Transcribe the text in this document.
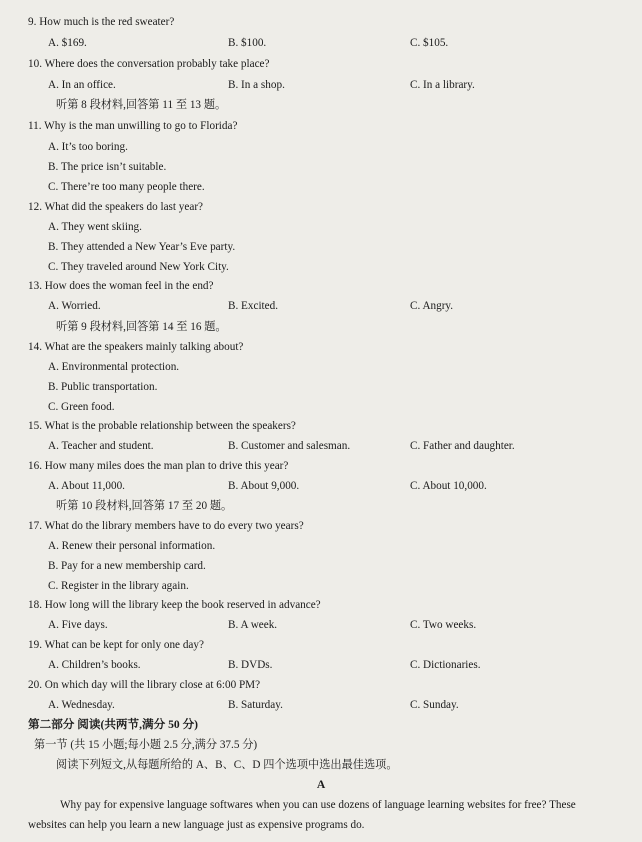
9. How much is the red sweater?
A. $169.	B. $100.	C. $105.
10. Where does the conversation probably take place?
A. In an office.	B. In a shop.	C. In a library.
听第 8 段材料,回答第 11 至 13 题。
11. Why is the man unwilling to go to Florida?
A. It’s too boring.
B. The price isn’t suitable.
C. There’re too many people there.
12. What did the speakers do last year?
A. They went skiing.
B. They attended a New Year’s Eve party.
C. They traveled around New York City.
13. How does the woman feel in the end?
A. Worried.	B. Excited.	C. Angry.
听第 9 段材料,回答第 14 至 16 题。
14. What are the speakers mainly talking about?
A. Environmental protection.
B. Public transportation.
C. Green food.
15. What is the probable relationship between the speakers?
A. Teacher and student.	B. Customer and salesman.	C. Father and daughter.
16. How many miles does the man plan to drive this year?
A. About 11,000.	B. About 9,000.	C. About 10,000.
听第 10 段材料,回答第 17 至 20 题。
17. What do the library members have to do every two years?
A. Renew their personal information.
B. Pay for a new membership card.
C. Register in the library again.
18. How long will the library keep the book reserved in advance?
A. Five days.	B. A week.	C. Two weeks.
19. What can be kept for only one day?
A. Children’s books.	B. DVDs.	C. Dictionaries.
20. On which day will the library close at 6:00 PM?
A. Wednesday.	B. Saturday.	C. Sunday.
第二部分 阅读(共两节,满分 50 分)
第一节 (共 15 小题;每小题 2.5 分,满分 37.5 分)
阅读下列短文,从每题所给的 A、B、C、D 四个选项中选出最佳选项。
A
Why pay for expensive language softwares when you can use dozens of language learning websites for free? These websites can help you learn a new language just as expensive programs do.
